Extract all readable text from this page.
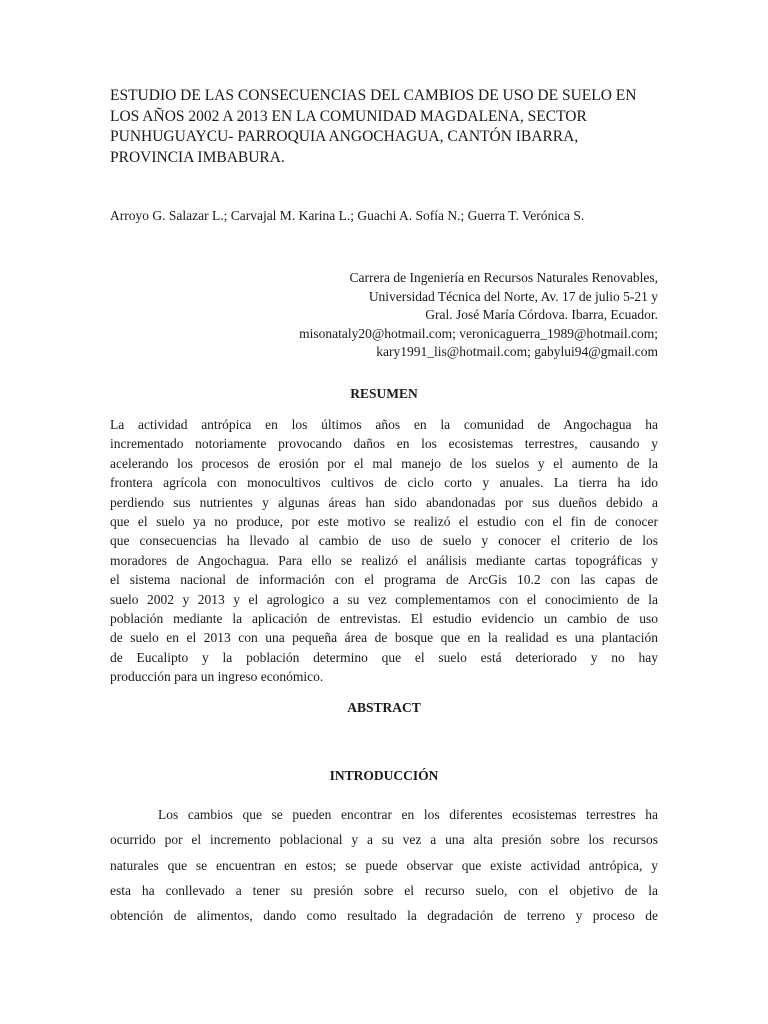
ESTUDIO DE LAS CONSECUENCIAS DEL CAMBIOS DE USO DE SUELO EN
LOS AÑOS 2002 A 2013 EN LA COMUNIDAD MAGDALENA, SECTOR
PUNHUGUAYCU- PARROQUIA ANGOCHAGUA, CANTÓN IBARRA,
PROVINCIA IMBABURA.
Arroyo G. Salazar L.; Carvajal M. Karina L.; Guachi A. Sofía N.; Guerra T. Verónica S.
Carrera de Ingeniería en Recursos Naturales Renovables,
Universidad Técnica del Norte, Av. 17 de julio 5-21 y
Gral. José María Córdova. Ibarra, Ecuador.
misonataly20@hotmail.com; veronicaguerra_1989@hotmail.com;
kary1991_lis@hotmail.com; gabylui94@gmail.com
RESUMEN
La actividad antrópica en los últimos años en la comunidad de Angochagua ha
incrementado notoriamente provocando daños en los ecosistemas terrestres, causando y
acelerando los procesos de erosión por el mal manejo de los suelos y el aumento de la
frontera agrícola con monocultivos cultivos de ciclo corto y anuales. La tierra ha ido
perdiendo sus nutrientes y algunas áreas han sido abandonadas por sus dueños debido a
que el suelo ya no produce, por este motivo se realizó el estudio con el fin de conocer
que consecuencias ha llevado al cambio de uso de suelo y conocer el criterio de los
moradores de Angochagua. Para ello se realizó el análisis mediante cartas topográficas y
el sistema nacional de información con el programa de ArcGis 10.2 con las capas de
suelo 2002 y 2013 y el agrologico a su vez complementamos con el conocimiento de la
población mediante la aplicación de entrevistas. El estudio evidencio un cambio de uso
de suelo en el 2013 con una pequeña área de bosque que en la realidad es una plantación
de Eucalipto y la población determino que el suelo está deteriorado y no hay
producción para un ingreso económico.
ABSTRACT
INTRODUCCIÓN
Los cambios que se pueden encontrar en los diferentes ecosistemas terrestres ha
ocurrido por el incremento poblacional y a su vez a una alta presión sobre los recursos
naturales que se encuentran en estos; se puede observar que existe actividad antrópica, y
esta ha conllevado a tener su presión sobre el recurso suelo, con el objetivo de la
obtención de alimentos, dando como resultado la degradación de terreno y proceso de
